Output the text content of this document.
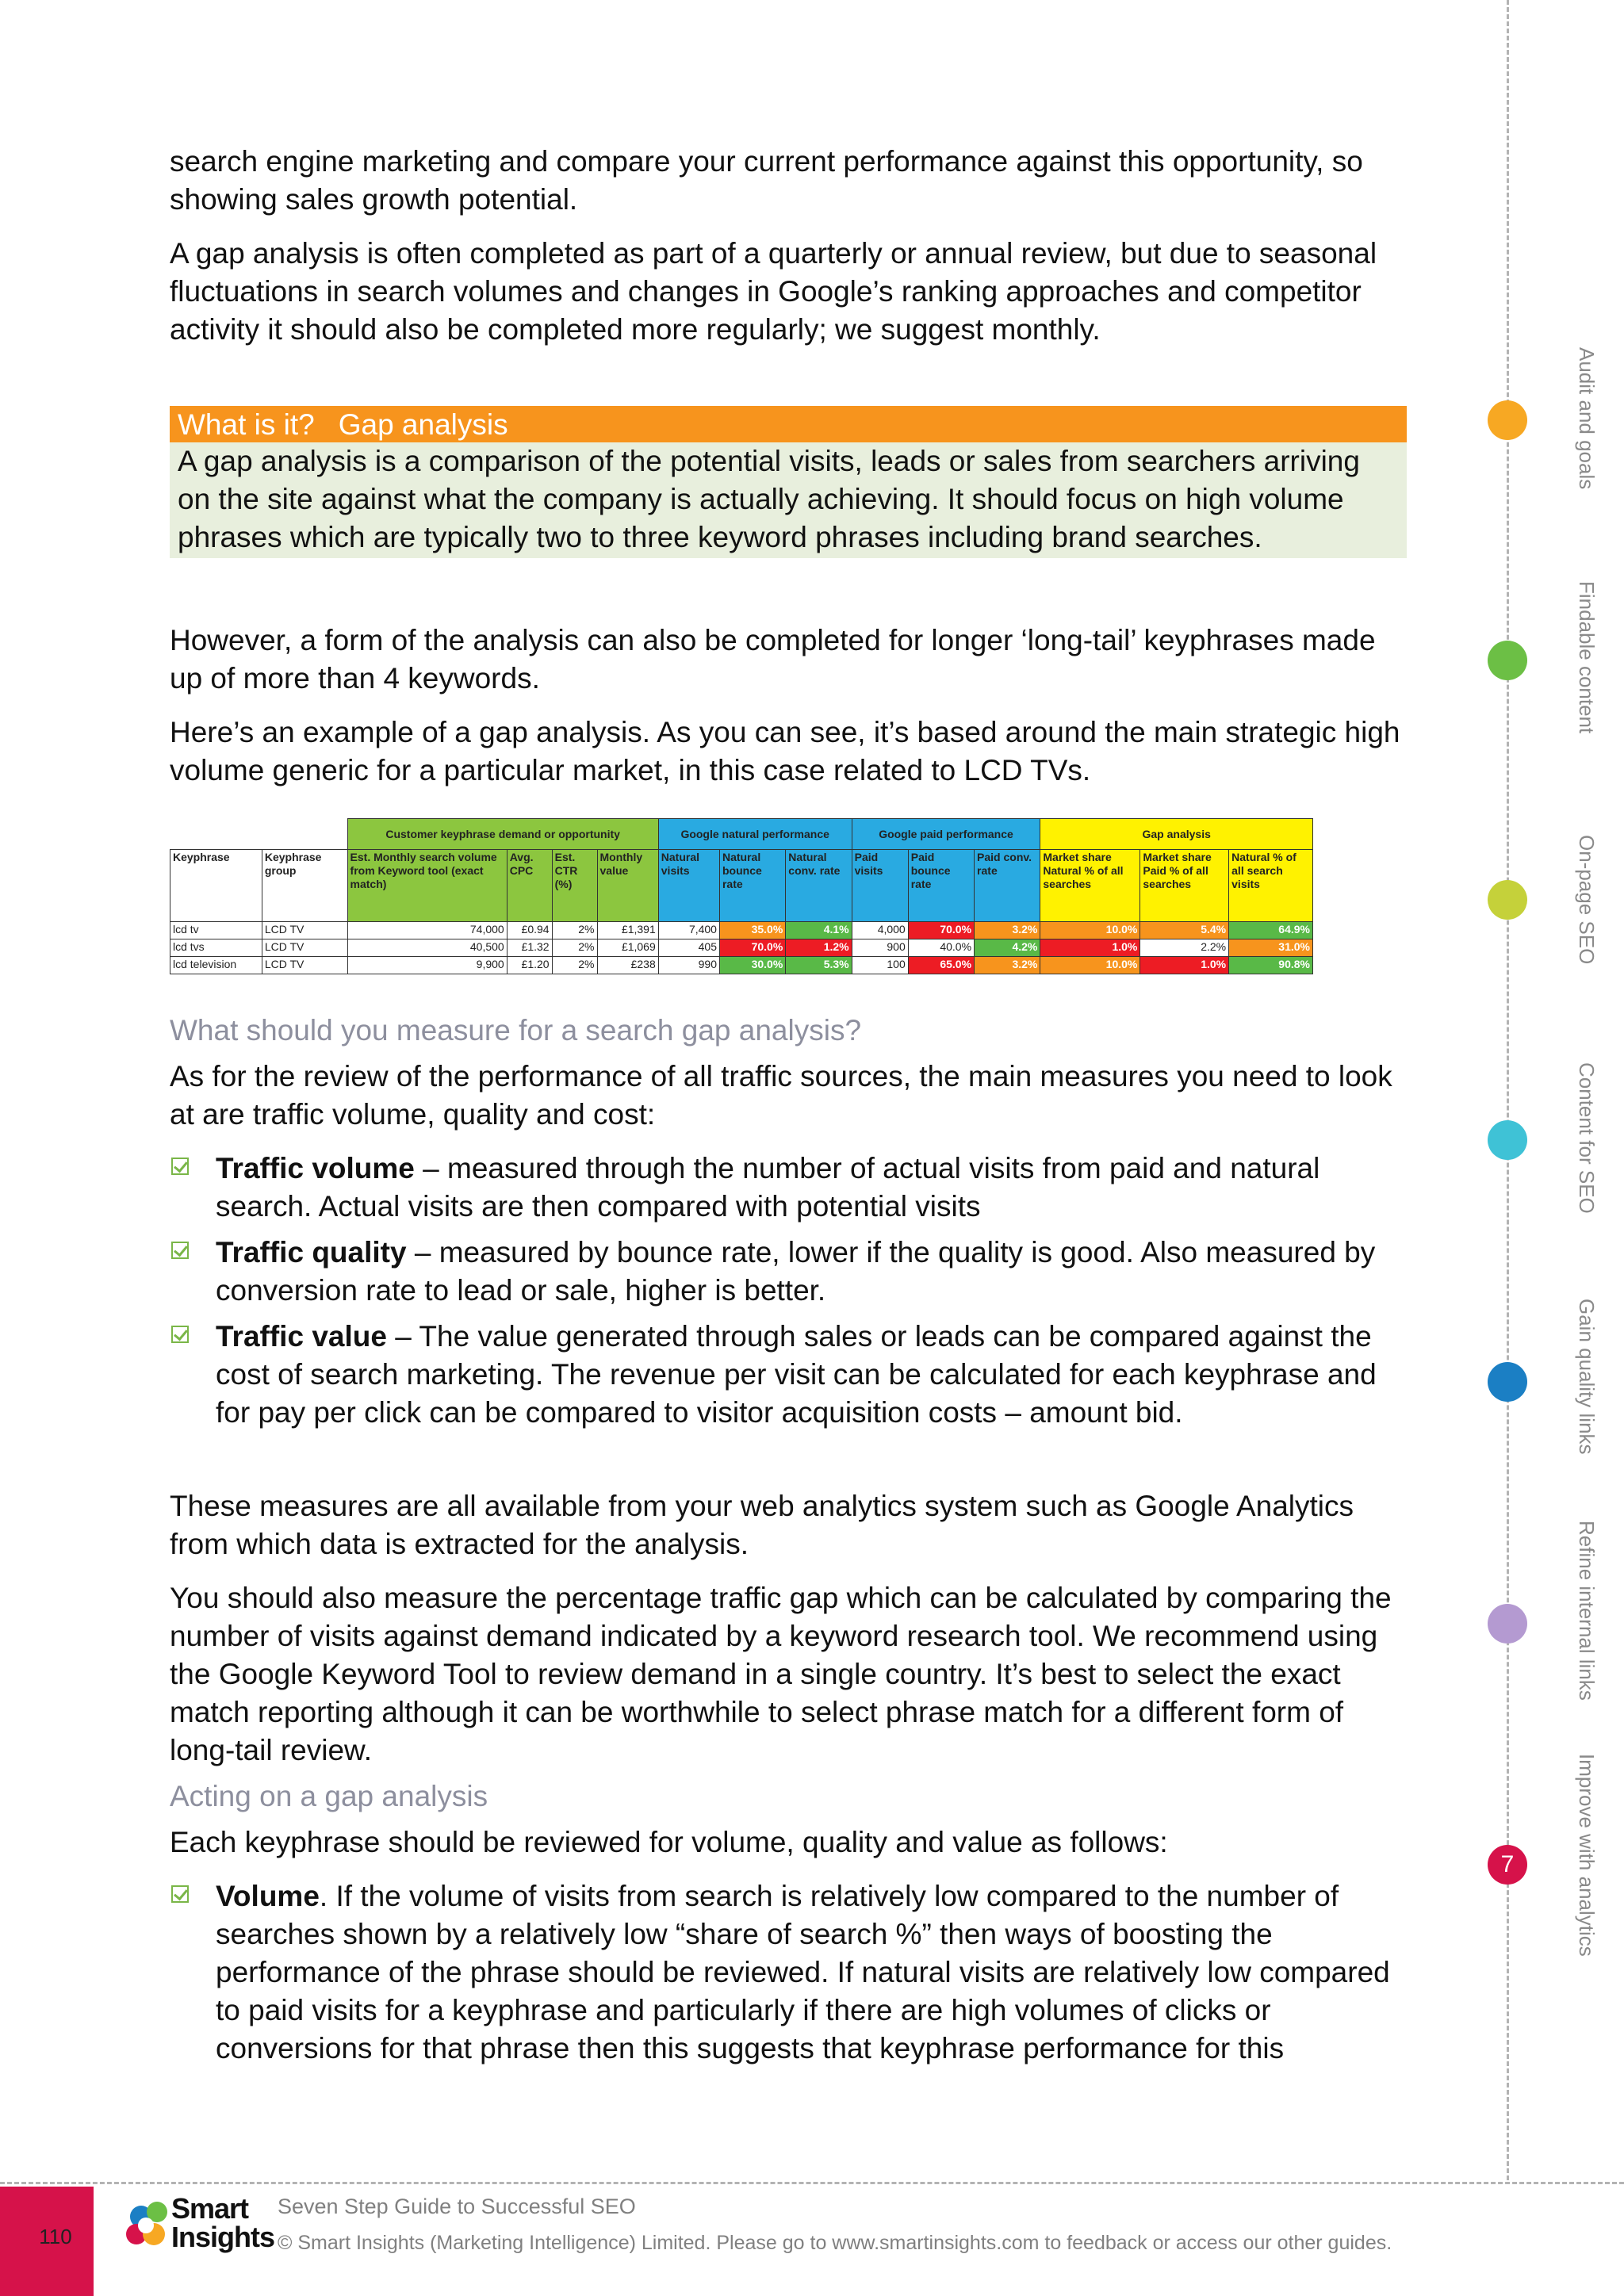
search engine marketing and compare your current performance against this opportunity, so showing sales growth potential.

A gap analysis is often completed as part of a quarterly or annual review, but due to seasonal fluctuations in search volumes and changes in Google’s ranking approaches and competitor activity it should also be completed more regularly; we suggest monthly.

What is it? Gap analysis
A gap analysis is a comparison of the potential visits, leads or sales from searchers arriving on the site against what the company is actually achieving. It should focus on high volume phrases which are typically two to three keyword phrases including brand searches.

However, a form of the analysis can also be completed for longer ‘long-tail’ keyphrases made up of more than 4 keywords.

Here’s an example of a gap analysis. As you can see, it’s based around the main strategic high volume generic for a particular market, in this case related to LCD TVs.

		Customer keyphrase demand or opportunity				Google natural performance			Google paid performance			Gap analysis		
Keyphrase	Keyphrase group	Est. Monthly search volume from Keyword tool (exact match)	Avg. CPC	Est. CTR (%)	Monthly value	Natural visits	Natural bounce rate	Natural conv. rate	Paid visits	Paid bounce rate	Paid conv. rate	Market share Natural % of all searches	Market share Paid % of all searches	Natural % of all search visits
lcd tv	LCD TV	74,000	£0.94	2%	£1,391	7,400	35.0%	4.1%	4,000	70.0%	3.2%	10.0%	5.4%	64.9%
lcd tvs	LCD TV	40,500	£1.32	2%	£1,069	405	70.0%	1.2%	900	40.0%	4.2%	1.0%	2.2%	31.0%
lcd television	LCD TV	9,900	£1.20	2%	£238	990	30.0%	5.3%	100	65.0%	3.2%	10.0%	1.0%	90.8%
What should you measure for a search gap analysis?

As for the review of the performance of all traffic sources, the main measures you need to look at are traffic volume, quality and cost:

Traffic volume – measured through the number of actual visits from paid and natural search. Actual visits are then compared with potential visits
Traffic quality – measured by bounce rate, lower if the quality is good. Also measured by conversion rate to lead or sale, higher is better.
Traffic value – The value generated through sales or leads can be compared against the cost of search marketing. The revenue per visit can be calculated for each keyphrase and for pay per click can be compared to visitor acquisition costs – amount bid.

These measures are all available from your web analytics system such as Google Analytics from which data is extracted for the analysis.

You should also measure the percentage traffic gap which can be calculated by comparing the number of visits against demand indicated by a keyword research tool. We recommend using the Google Keyword Tool to review demand in a single country. It’s best to select the exact match reporting although it can be worthwhile to select phrase match for a different form of long-tail review.

Acting on a gap analysis

Each keyphrase should be reviewed for volume, quality and value as follows:

Volume. If the volume of visits from search is relatively low compared to the number of searches shown by a relatively low “share of search %” then ways of boosting the performance of the phrase should be reviewed. If natural visits are relatively low compared to paid visits for a keyphrase and particularly if there are high volumes of clicks or conversions for that phrase then this suggests that keyphrase performance for this
Audit and goals
Findable content
On-page SEO
Content for SEO
Gain quality links
Refine internal links
7	Improve with analytics
110
Smart
Insights
Seven Step Guide to Successful SEO
© Smart Insights (Marketing Intelligence) Limited. Please go to www.smartinsights.com to feedback or access our other guides.
